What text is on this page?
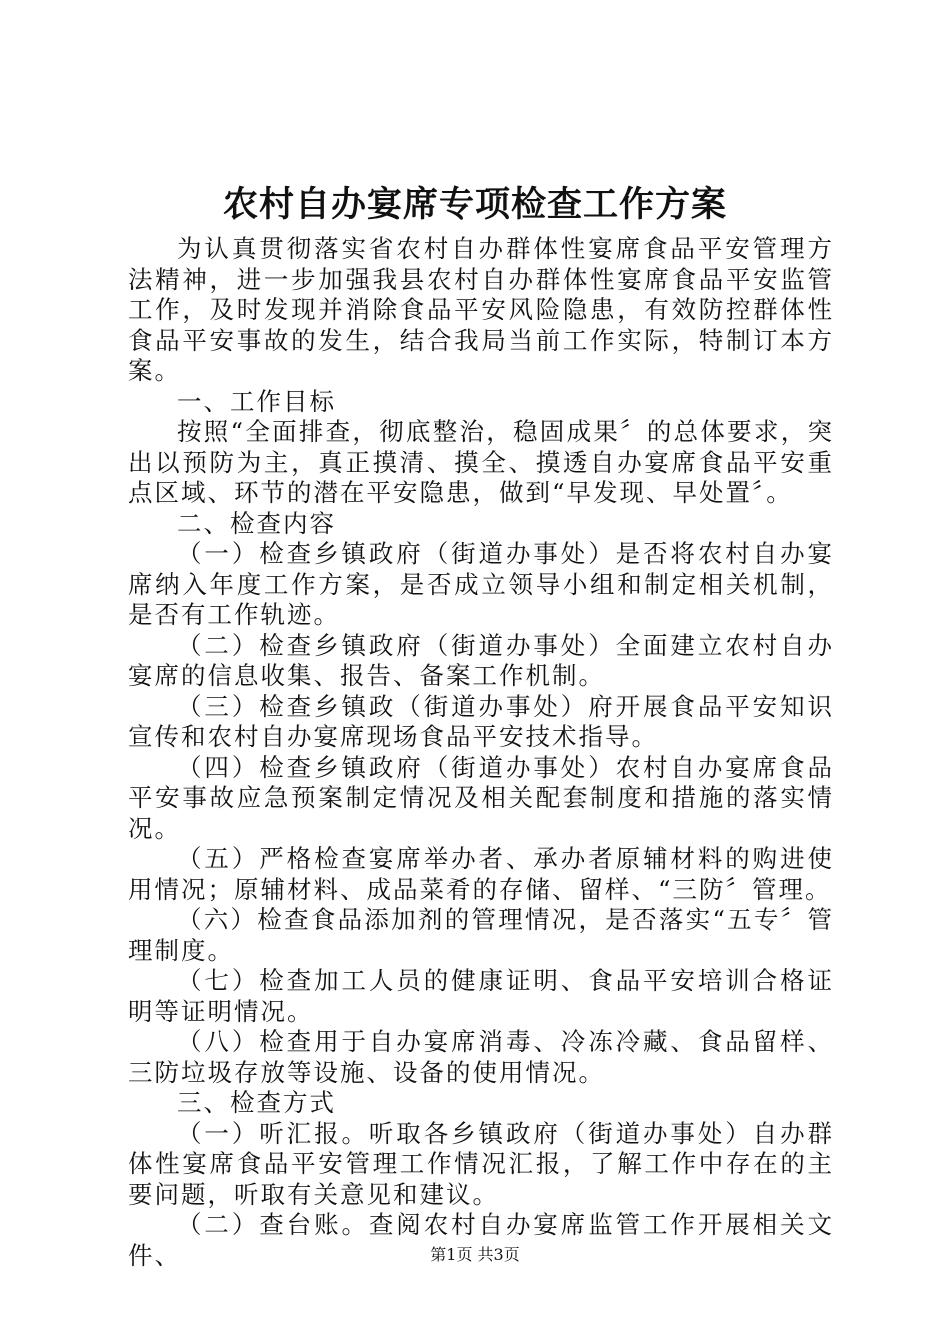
农村自办宴席专项检查工作方案

为认真贯彻落实省农村自办群体性宴席食品平安管理方法精神，进一步加强我县农村自办群体性宴席食品平安监管工作，及时发现并消除食品平安风险隐患，有效防控群体性食品平安事故的发生，结合我局当前工作实际，特制订本方案。

一、工作目标

按照“全面排查，彻底整治，稳固成果〞的总体要求，突出以预防为主，真正摸清、摸全、摸透自办宴席食品平安重点区域、环节的潜在平安隐患，做到“早发现、早处置〞。

二、检查内容

（一）检查乡镇政府（街道办事处）是否将农村自办宴席纳入年度工作方案，是否成立领导小组和制定相关机制，是否有工作轨迹。

（二）检查乡镇政府（街道办事处）全面建立农村自办宴席的信息收集、报告、备案工作机制。

（三）检查乡镇政（街道办事处）府开展食品平安知识宣传和农村自办宴席现场食品平安技术指导。

（四）检查乡镇政府（街道办事处）农村自办宴席食品平安事故应急预案制定情况及相关配套制度和措施的落实情况。

（五）严格检查宴席举办者、承办者原辅材料的购进使用情况；原辅材料、成品菜肴的存储、留样、“三防〞管理。

（六）检查食品添加剂的管理情况，是否落实“五专〞管理制度。

（七）检查加工人员的健康证明、食品平安培训合格证明等证明情况。

（八）检查用于自办宴席消毒、冷冻冷藏、食品留样、三防垃圾存放等设施、设备的使用情况。

三、检查方式

（一）听汇报。听取各乡镇政府（街道办事处）自办群体性宴席食品平安管理工作情况汇报，了解工作中存在的主要问题，听取有关意见和建议。

（二）查台账。查阅农村自办宴席监管工作开展相关文件、	第1页 共3页
